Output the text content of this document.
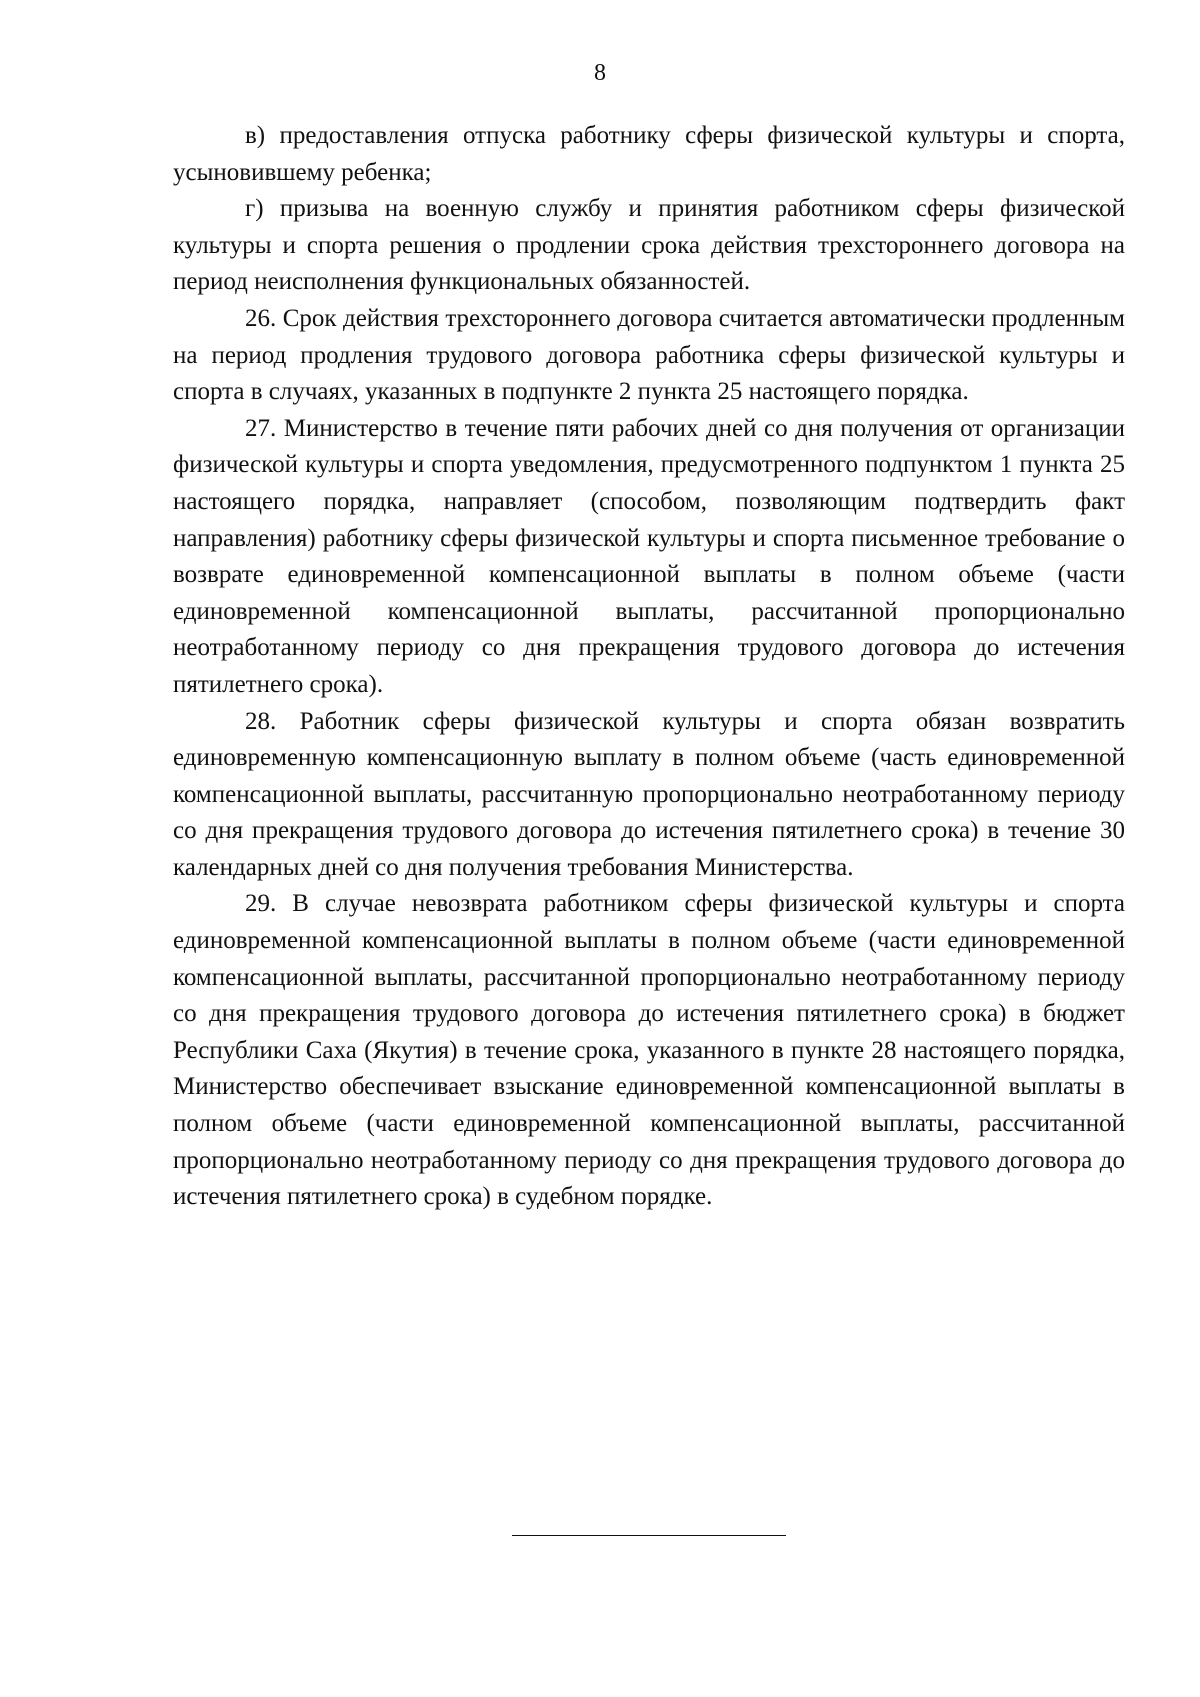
8

в) предоставления отпуска работнику сферы физической культуры и спорта, усыновившему ребенка;

г) призыва на военную службу и принятия работником сферы физической культуры и спорта решения о продлении срока действия трехстороннего договора на период неисполнения функциональных обязанностей.

26. Срок действия трехстороннего договора считается автоматически продленным на период продления трудового договора работника сферы физической культуры и спорта в случаях, указанных в подпункте 2 пункта 25 настоящего порядка.

27. Министерство в течение пяти рабочих дней со дня получения от организации физической культуры и спорта уведомления, предусмотренного подпунктом 1 пункта 25 настоящего порядка, направляет (способом, позволяющим подтвердить факт направления) работнику сферы физической культуры и спорта письменное требование о возврате единовременной компенсационной выплаты в полном объеме (части единовременной компенсационной выплаты, рассчитанной пропорционально неотработанному периоду со дня прекращения трудового договора до истечения пятилетнего срока).

28. Работник сферы физической культуры и спорта обязан возвратить единовременную компенсационную выплату в полном объеме (часть единовременной компенсационной выплаты, рассчитанную пропорционально неотработанному периоду со дня прекращения трудового договора до истечения пятилетнего срока) в течение 30 календарных дней со дня получения требования Министерства.

29. В случае невозврата работником сферы физической культуры и спорта единовременной компенсационной выплаты в полном объеме (части единовременной компенсационной выплаты, рассчитанной пропорционально неотработанному периоду со дня прекращения трудового договора до истечения пятилетнего срока) в бюджет Республики Саха (Якутия) в течение срока, указанного в пункте 28 настоящего порядка, Министерство обеспечивает взыскание единовременной компенсационной выплаты в полном объеме (части единовременной компенсационной выплаты, рассчитанной пропорционально неотработанному периоду со дня прекращения трудового договора до истечения пятилетнего срока) в судебном порядке.
